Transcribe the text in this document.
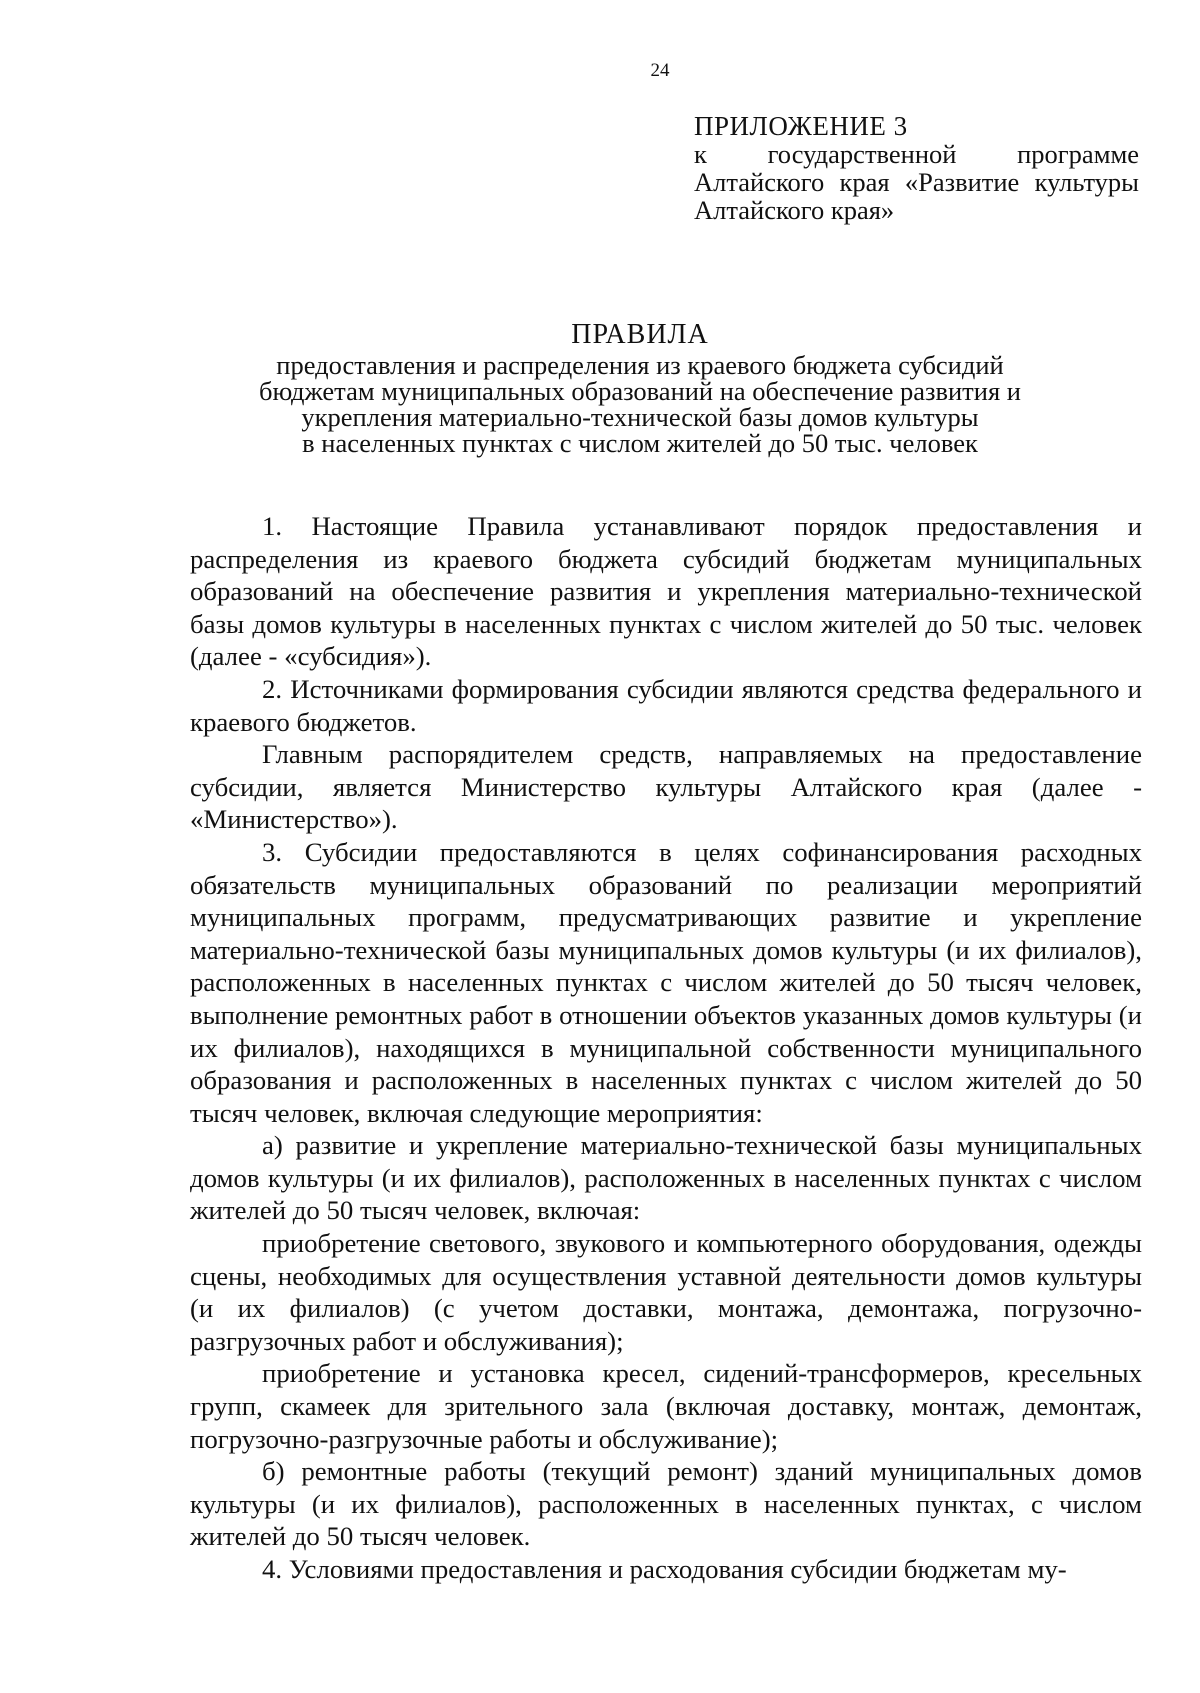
24
ПРИЛОЖЕНИЕ 3
к государственной программе Алтайского края «Развитие культуры Алтайского края»
ПРАВИЛА
предоставления и распределения из краевого бюджета субсидий
бюджетам муниципальных образований на обеспечение развития и
укрепления материально-технической базы домов культуры
в населенных пунктах с числом жителей до 50 тыс. человек

1. Настоящие Правила устанавливают порядок предоставления и распределения из краевого бюджета субсидий бюджетам муниципальных образований на обеспечение развития и укрепления материально-технической базы домов культуры в населенных пунктах с числом жителей до 50 тыс. человек (далее - «субсидия»).

2. Источниками формирования субсидии являются средства федерального и краевого бюджетов.

Главным распорядителем средств, направляемых на предоставление субсидии, является Министерство культуры Алтайского края (далее - «Министерство»).

3. Субсидии предоставляются в целях софинансирования расходных обязательств муниципальных образований по реализации мероприятий муниципальных программ, предусматривающих развитие и укрепление материально-технической базы муниципальных домов культуры (и их филиалов), расположенных в населенных пунктах с числом жителей до 50 тысяч человек, выполнение ремонтных работ в отношении объектов указанных домов культуры (и их филиалов), находящихся в муниципальной собственности муниципального образования и расположенных в населенных пунктах с числом жителей до 50 тысяч человек, включая следующие мероприятия:

а) развитие и укрепление материально-технической базы муниципальных домов культуры (и их филиалов), расположенных в населенных пунктах с числом жителей до 50 тысяч человек, включая:

приобретение светового, звукового и компьютерного оборудования, одежды сцены, необходимых для осуществления уставной деятельности домов культуры (и их филиалов) (с учетом доставки, монтажа, демонтажа, погрузочно-разгрузочных работ и обслуживания);

приобретение и установка кресел, сидений-трансформеров, кресельных групп, скамеек для зрительного зала (включая доставку, монтаж, демонтаж, погрузочно-разгрузочные работы и обслуживание);

б) ремонтные работы (текущий ремонт) зданий муниципальных домов культуры (и их филиалов), расположенных в населенных пунктах, с числом жителей до 50 тысяч человек.

4. Условиями предоставления и расходования субсидии бюджетам му-
